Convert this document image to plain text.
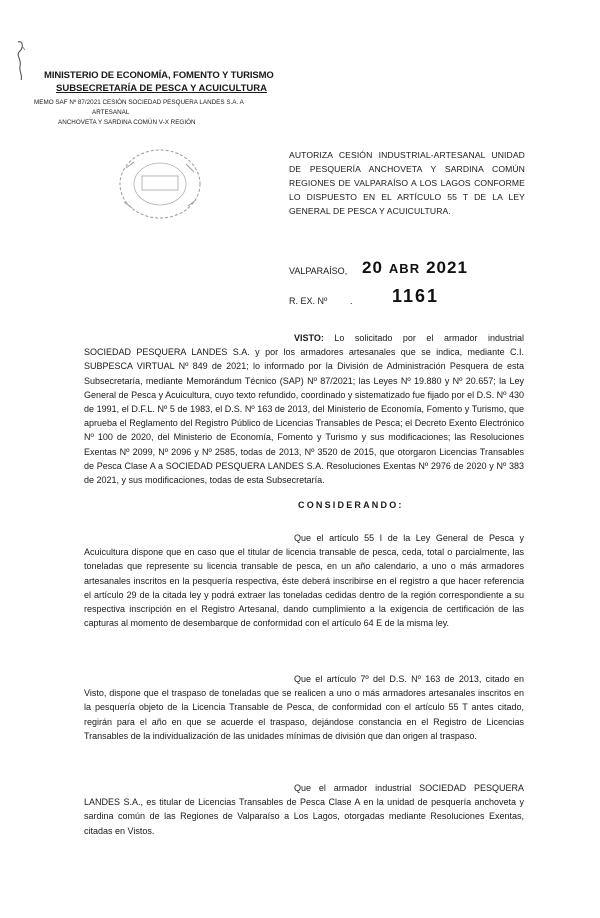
MINISTERIO DE ECONOMÍA, FOMENTO Y TURISMO
SUBSECRETARÍA DE PESCA Y ACUICULTURA
MEMO SAF Nº 87/2021 CESIÓN SOCIEDAD PESQUERA LANDES S.A. A
ARTESANAL
ANCHOVETA Y SARDINA COMÚN V-X REGIÓN
AUTORIZA CESIÓN INDUSTRIAL-ARTESANAL UNIDAD DE PESQUERÍA ANCHOVETA Y SARDINA COMÚN REGIONES DE VALPARAÍSO A LOS LAGOS CONFORME LO DISPUESTO EN EL ARTÍCULO 55 T DE LA LEY GENERAL DE PESCA Y ACUICULTURA.
VALPARAÍSO, 20 ABR 2021
R. EX. Nº	. 1161
VISTO: Lo solicitado por el armador industrial SOCIEDAD PESQUERA LANDES S.A. y por los armadores artesanales que se indica, mediante C.I. SUBPESCA VIRTUAL Nº 849 de 2021; lo informado por la División de Administración Pesquera de esta Subsecretaría, mediante Memorándum Técnico (SAP) Nº 87/2021; las Leyes Nº 19.880 y Nº 20.657; la Ley General de Pesca y Acuicultura, cuyo texto refundido, coordinado y sistematizado fue fijado por el D.S. Nº 430 de 1991, el D.F.L. Nº 5 de 1983, el D.S. Nº 163 de 2013, del Ministerio de Economía, Fomento y Turismo, que aprueba el Reglamento del Registro Público de Licencias Transables de Pesca; el Decreto Exento Electrónico Nº 100 de 2020, del Ministerio de Economía, Fomento y Turismo y sus modificaciones; las Resoluciones Exentas Nº 2099, Nº 2096 y Nº 2585, todas de 2013, Nº 3520 de 2015, que otorgaron Licencias Transables de Pesca Clase A a SOCIEDAD PESQUERA LANDES S.A. Resoluciones Exentas Nº 2976 de 2020 y Nº 383 de 2021, y sus modificaciones, todas de esta Subsecretaría.
CONSIDERANDO:
Que el artículo 55 I de la Ley General de Pesca y Acuicultura dispone que en caso que el titular de licencia transable de pesca, ceda, total o parcialmente, las toneladas que represente su licencia transable de pesca, en un año calendario, a uno o más armadores artesanales inscritos en la pesquería respectiva, éste deberá inscribirse en el registro a que hacer referencia el artículo 29 de la citada ley y podrá extraer las toneladas cedidas dentro de la región correspondiente a su respectiva inscripción en el Registro Artesanal, dando cumplimiento a la exigencia de certificación de las capturas al momento de desembarque de conformidad con el artículo 64 E de la misma ley.
Que el artículo 7º del D.S. Nº 163 de 2013, citado en Visto, dispone que el traspaso de toneladas que se realicen a uno o más armadores artesanales inscritos en la pesquería objeto de la Licencia Transable de Pesca, de conformidad con el artículo 55 T antes citado, regirán para el año en que se acuerde el traspaso, dejándose constancia en el Registro de Licencias Transables de la individualización de las unidades mínimas de división que dan origen al traspaso.
Que el armador industrial SOCIEDAD PESQUERA LANDES S.A., es titular de Licencias Transables de Pesca Clase A en la unidad de pesquería anchoveta y sardina común de las Regiones de Valparaíso a Los Lagos, otorgadas mediante Resoluciones Exentas, citadas en Vistos.
